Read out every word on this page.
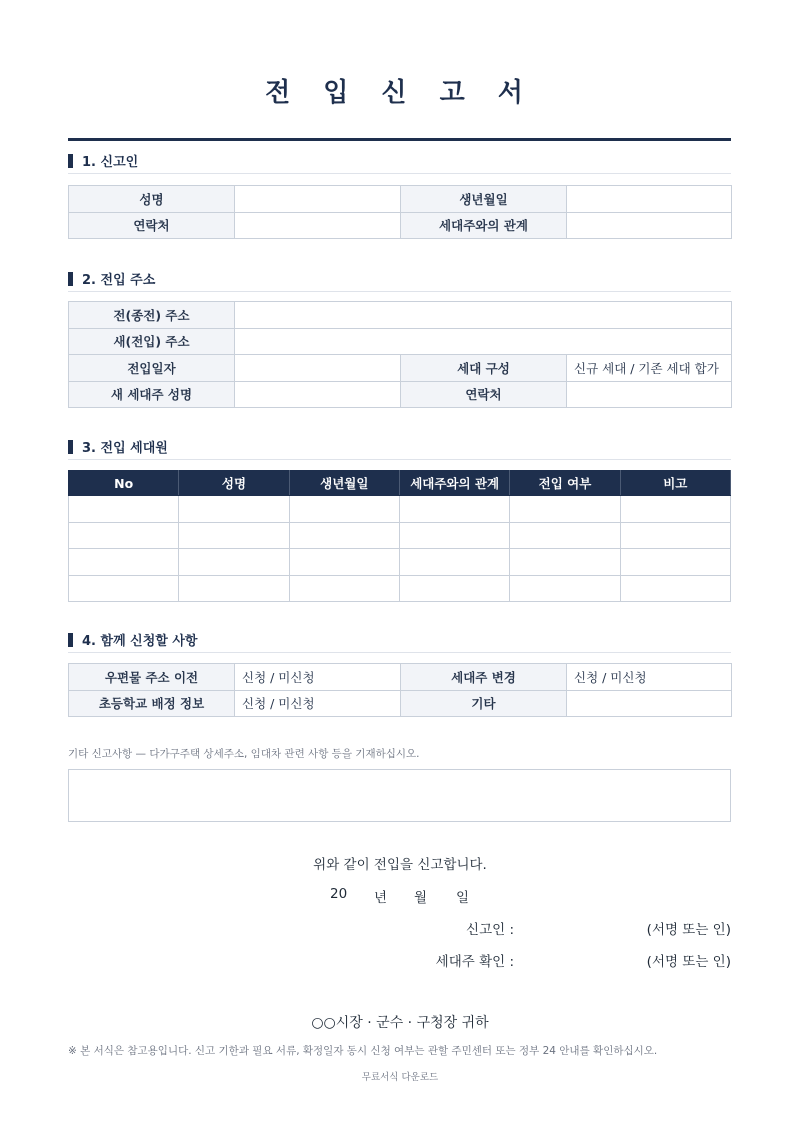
전 입 신 고 서
1. 신고인
성명		생년월일	
연락처		세대주와의 관계	
2. 전입 주소
전(종전) 주소			
새(전입) 주소			
전입일자		세대 구성	신규 세대 / 기존 세대 합가
새 세대주 성명		연락처	
3. 전입 세대원
No	성명	생년월일	세대주와의 관계	전입 여부	비고

4. 함께 신청할 사항
우편물 주소 이전	신청 / 미신청	세대주 변경	신청 / 미신청
초등학교 배정 정보	신청 / 미신청	기타	
기타 신고사항 — 다가구주택 상세주소, 임대차 관련 사항 등을 기재하십시오.
위와 같이 전입을 신고합니다.
20	년	월	일
신고인 :	(서명 또는 인)
세대주 확인 :	(서명 또는 인)
○○시장 · 군수 · 구청장 귀하
※ 본 서식은 참고용입니다. 신고 기한과 필요 서류, 확정일자 동시 신청 여부는 관할 주민센터 또는 정부 24 안내를 확인하십시오.
무료서식 다운로드
